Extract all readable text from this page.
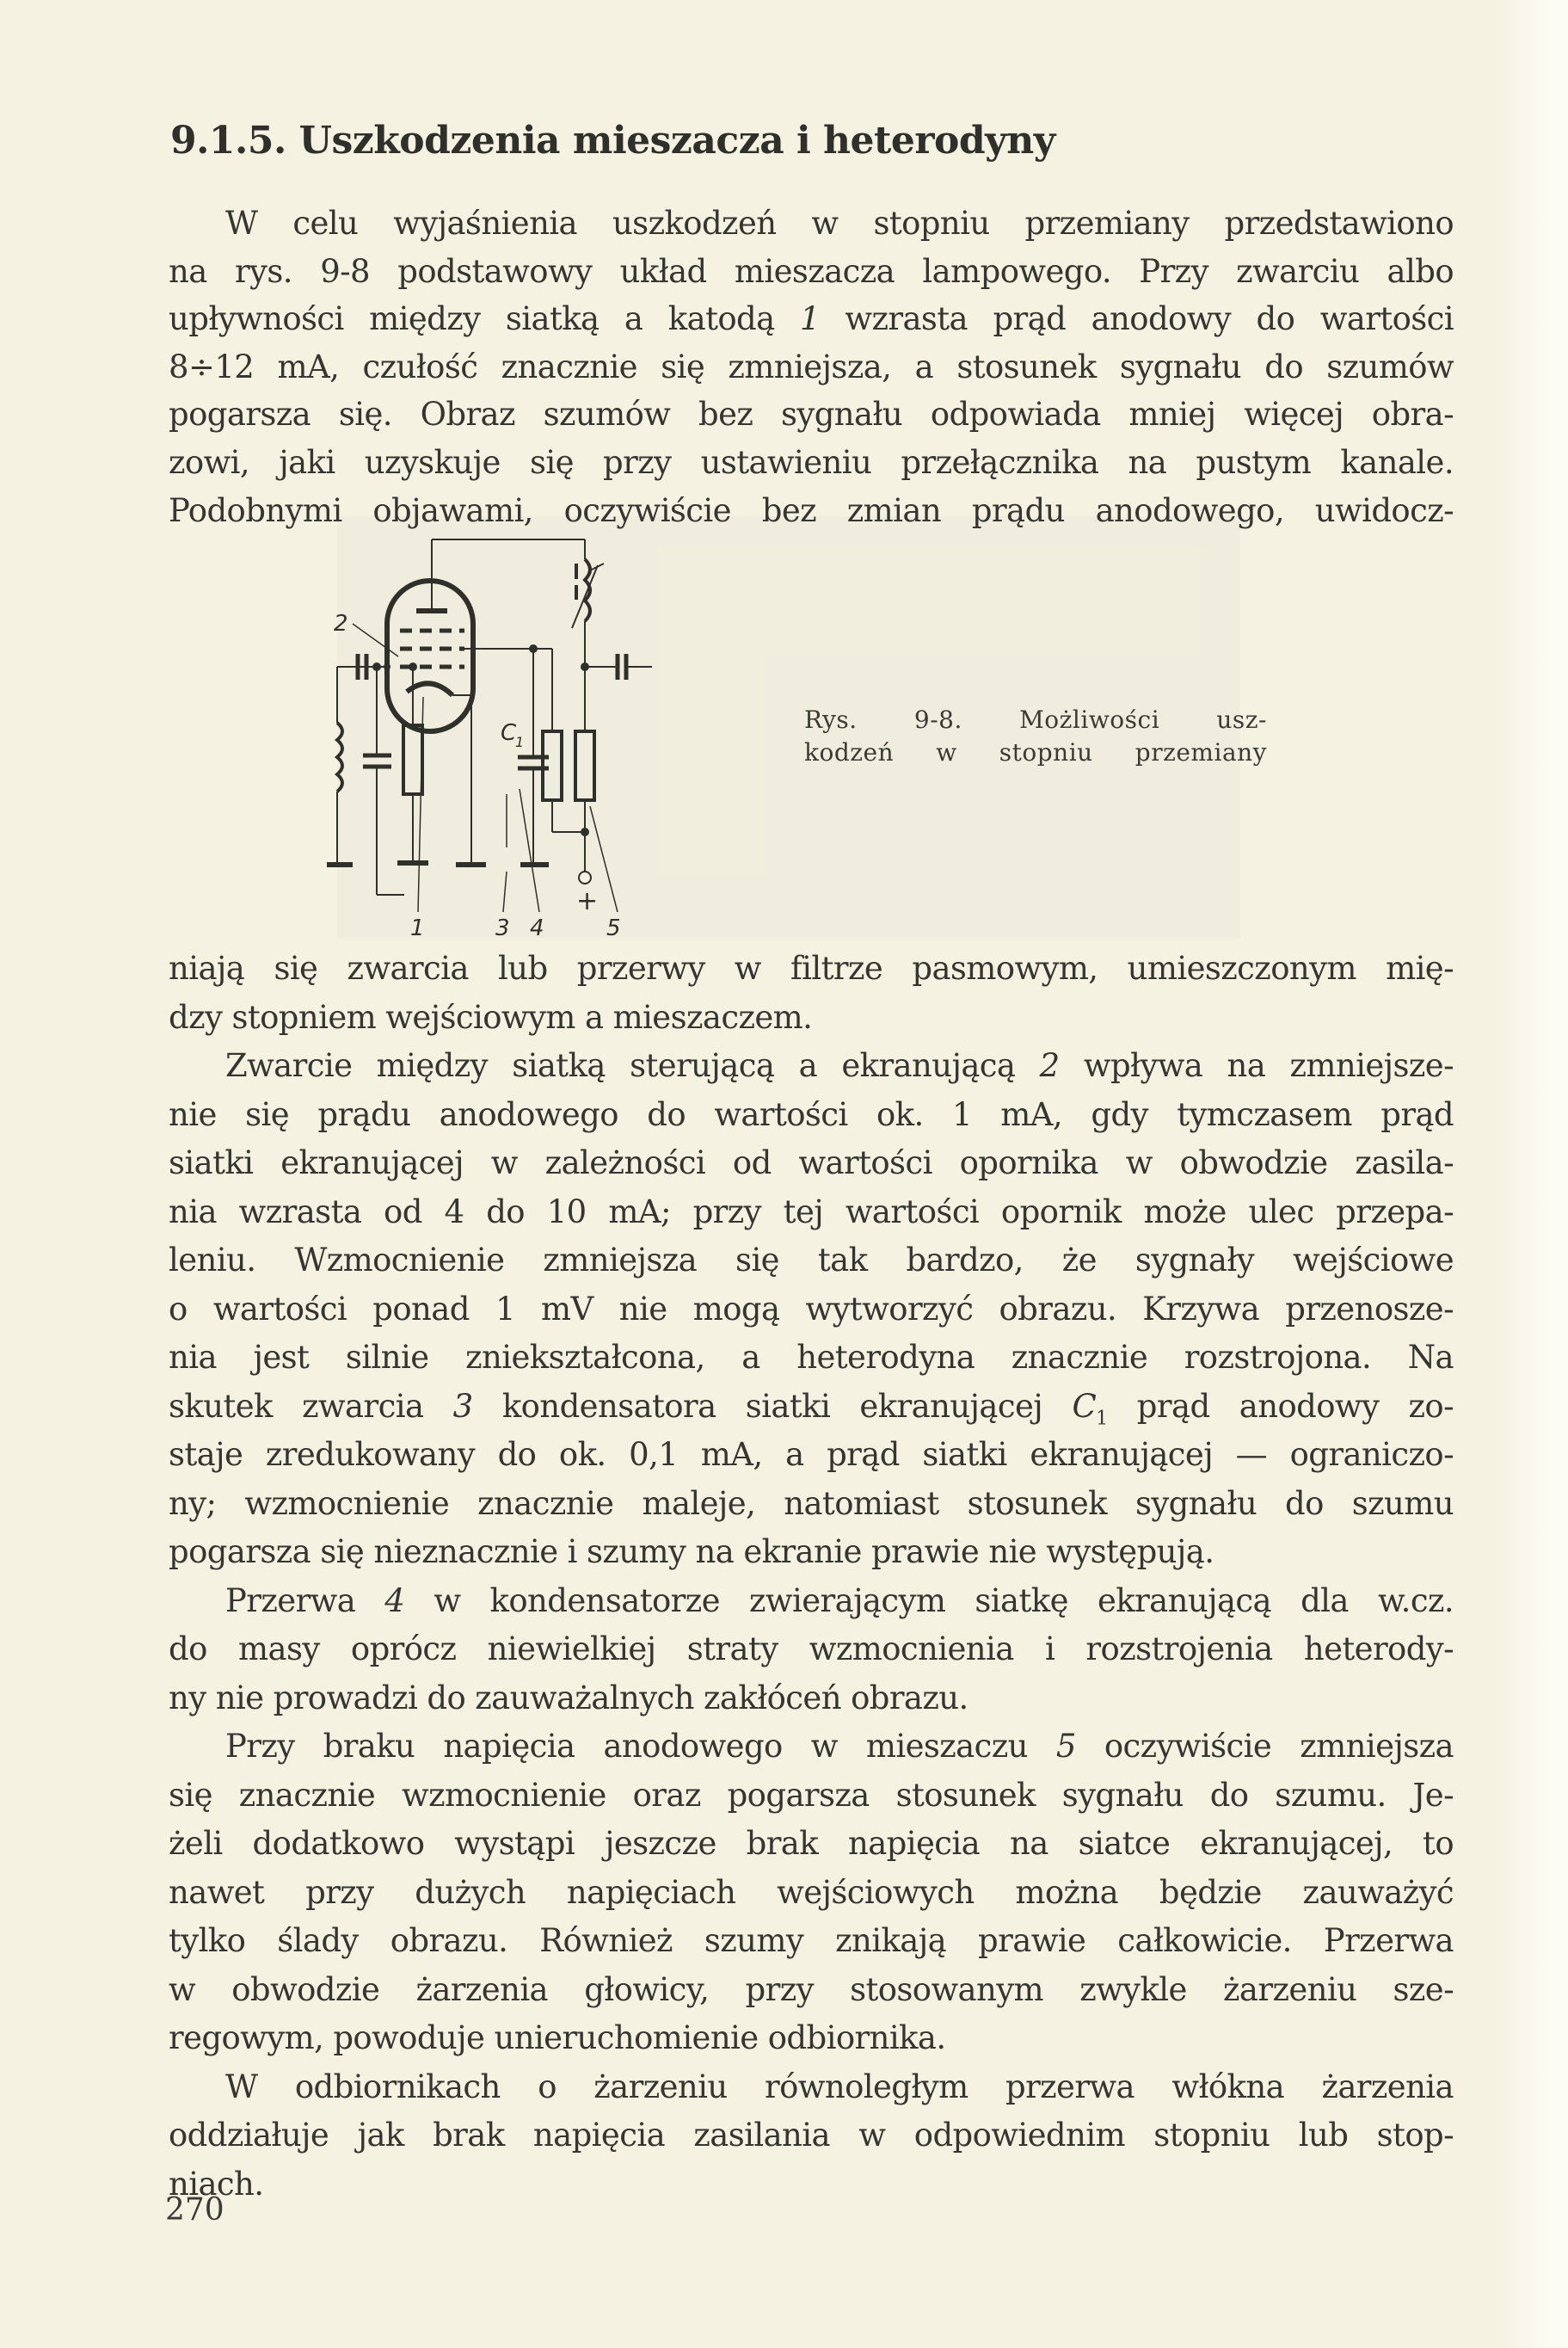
9.1.5. Uszkodzenia mieszacza i heterodyny
W celu wyjaśnienia uszkodzeń w stopniu przemiany przedstawiono
na rys. 9-8 podstawowy układ mieszacza lampowego. Przy zwarciu albo
upływności między siatką a katodą 1 wzrasta prąd anodowy do wartości
8÷12 mA, czułość znacznie się zmniejsza, a stosunek sygnału do szumów
pogarsza się. Obraz szumów bez sygnału odpowiada mniej więcej obra-
zowi, jaki uzyskuje się przy ustawieniu przełącznika na pustym kanale.
Podobnymi objawami, oczywiście bez zmian prądu anodowego, uwidocz-
2
1	3 4	5
C
1
+
Rys. 9-8. Możliwości usz-
kodzeń w stopniu przemiany
niają się zwarcia lub przerwy w filtrze pasmowym, umieszczonym mię-
dzy stopniem wejściowym a mieszaczem.
Zwarcie między siatką sterującą a ekranującą 2 wpływa na zmniejsze-
nie się prądu anodowego do wartości ok. 1 mA, gdy tymczasem prąd
siatki ekranującej w zależności od wartości opornika w obwodzie zasila-
nia wzrasta od 4 do 10 mA; przy tej wartości opornik może ulec przepa-
leniu. Wzmocnienie zmniejsza się tak bardzo, że sygnały wejściowe
o wartości ponad 1 mV nie mogą wytworzyć obrazu. Krzywa przenosze-
nia jest silnie zniekształcona, a heterodyna znacznie rozstrojona. Na
skutek zwarcia 3 kondensatora siatki ekranującej $C_1$ prąd anodowy zo-
staje zredukowany do ok. 0,1 mA, a prąd siatki ekranującej — ograniczo-
ny; wzmocnienie znacznie maleje, natomiast stosunek sygnału do szumu
pogarsza się nieznacznie i szumy na ekranie prawie nie występują.
Przerwa 4 w kondensatorze zwierającym siatkę ekranującą dla w.cz.
do masy oprócz niewielkiej straty wzmocnienia i rozstrojenia heterody-
ny nie prowadzi do zauważalnych zakłóceń obrazu.
Przy braku napięcia anodowego w mieszaczu 5 oczywiście zmniejsza
się znacznie wzmocnienie oraz pogarsza stosunek sygnału do szumu. Je-
żeli dodatkowo wystąpi jeszcze brak napięcia na siatce ekranującej, to
nawet przy dużych napięciach wejściowych można będzie zauważyć
tylko ślady obrazu. Również szumy znikają prawie całkowicie. Przerwa
w obwodzie żarzenia głowicy, przy stosowanym zwykle żarzeniu sze-
regowym, powoduje unieruchomienie odbiornika.
W odbiornikach o żarzeniu równoległym przerwa włókna żarzenia
oddziałuje jak brak napięcia zasilania w odpowiednim stopniu lub stop-
niach.
270
